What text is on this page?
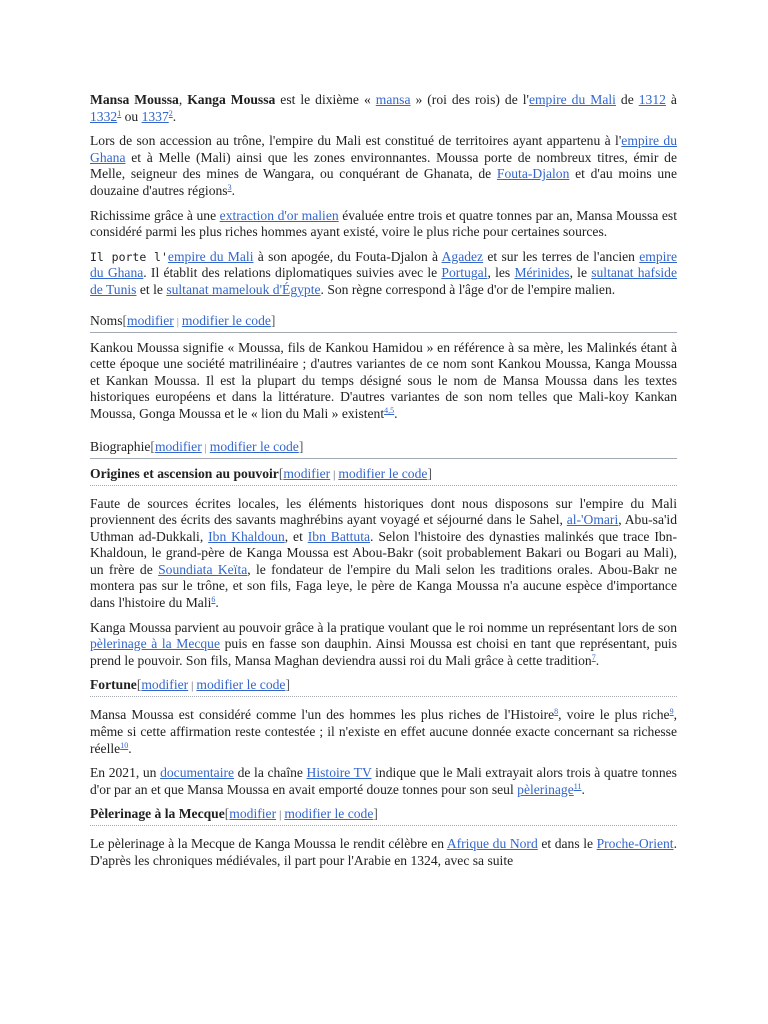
Mansa Moussa, Kanga Moussa est le dixième « mansa » (roi des rois) de l'empire du Mali de 1312 à 1332$^1$ ou 1337$^2$.

Lors de son accession au trône, l'empire du Mali est constitué de territoires ayant appartenu à l'empire du Ghana et à Melle (Mali) ainsi que les zones environnantes. Moussa porte de nombreux titres, émir de Melle, seigneur des mines de Wangara, ou conquérant de Ghanata, de Fouta-Djalon et d'au moins une douzaine d'autres régions$^3$.

Richissime grâce à une extraction d'or malien évaluée entre trois et quatre tonnes par an, Mansa Moussa est considéré parmi les plus riches hommes ayant existé, voire le plus riche pour certaines sources.

Il porte l'empire du Mali à son apogée, du Fouta-Djalon à Agadez et sur les terres de l'ancien empire du Ghana. Il établit des relations diplomatiques suivies avec le Portugal, les Mérinides, le sultanat hafside de Tunis et le sultanat mamelouk d'Égypte. Son règne correspond à l'âge d'or de l'empire malien.

Noms[modifier | modifier le code]

Kankou Moussa signifie « Moussa, fils de Kankou Hamidou » en référence à sa mère, les Malinkés étant à cette époque une société matrilinéaire ; d'autres variantes de ce nom sont Kankou Moussa, Kanga Moussa et Kankan Moussa. Il est la plupart du temps désigné sous le nom de Mansa Moussa dans les textes historiques européens et dans la littérature. D'autres variantes de son nom telles que Mali-koy Kankan Moussa, Gonga Moussa et le « lion du Mali » existent$^{4,5}$.

Biographie[modifier | modifier le code]
Origines et ascension au pouvoir[modifier | modifier le code]

Faute de sources écrites locales, les éléments historiques dont nous disposons sur l'empire du Mali proviennent des écrits des savants maghrébins ayant voyagé et séjourné dans le Sahel, al-'Omari, Abu-sa'id Uthman ad-Dukkali, Ibn Khaldoun, et Ibn Battuta. Selon l'histoire des dynasties malinkés que trace Ibn-Khaldoun, le grand-père de Kanga Moussa est Abou-Bakr (soit probablement Bakari ou Bogari au Mali), un frère de Soundiata Keïta, le fondateur de l'empire du Mali selon les traditions orales. Abou-Bakr ne montera pas sur le trône, et son fils, Faga leye, le père de Kanga Moussa n'a aucune espèce d'importance dans l'histoire du Mali$^6$.

Kanga Moussa parvient au pouvoir grâce à la pratique voulant que le roi nomme un représentant lors de son pèlerinage à la Mecque puis en fasse son dauphin. Ainsi Moussa est choisi en tant que représentant, puis prend le pouvoir. Son fils, Mansa Maghan deviendra aussi roi du Mali grâce à cette tradition$^7$.

Fortune[modifier | modifier le code]

Mansa Moussa est considéré comme l'un des hommes les plus riches de l'Histoire$^8$, voire le plus riche$^9$, même si cette affirmation reste contestée ; il n'existe en effet aucune donnée exacte concernant sa richesse réelle$^{10}$.

En 2021, un documentaire de la chaîne Histoire TV indique que le Mali extrayait alors trois à quatre tonnes d'or par an et que Mansa Moussa en avait emporté douze tonnes pour son seul pèlerinage$^{11}$.

Pèlerinage à la Mecque[modifier | modifier le code]

Le pèlerinage à la Mecque de Kanga Moussa le rendit célèbre en Afrique du Nord et dans le Proche-Orient. D'après les chroniques médiévales, il part pour l'Arabie en 1324, avec sa suite
